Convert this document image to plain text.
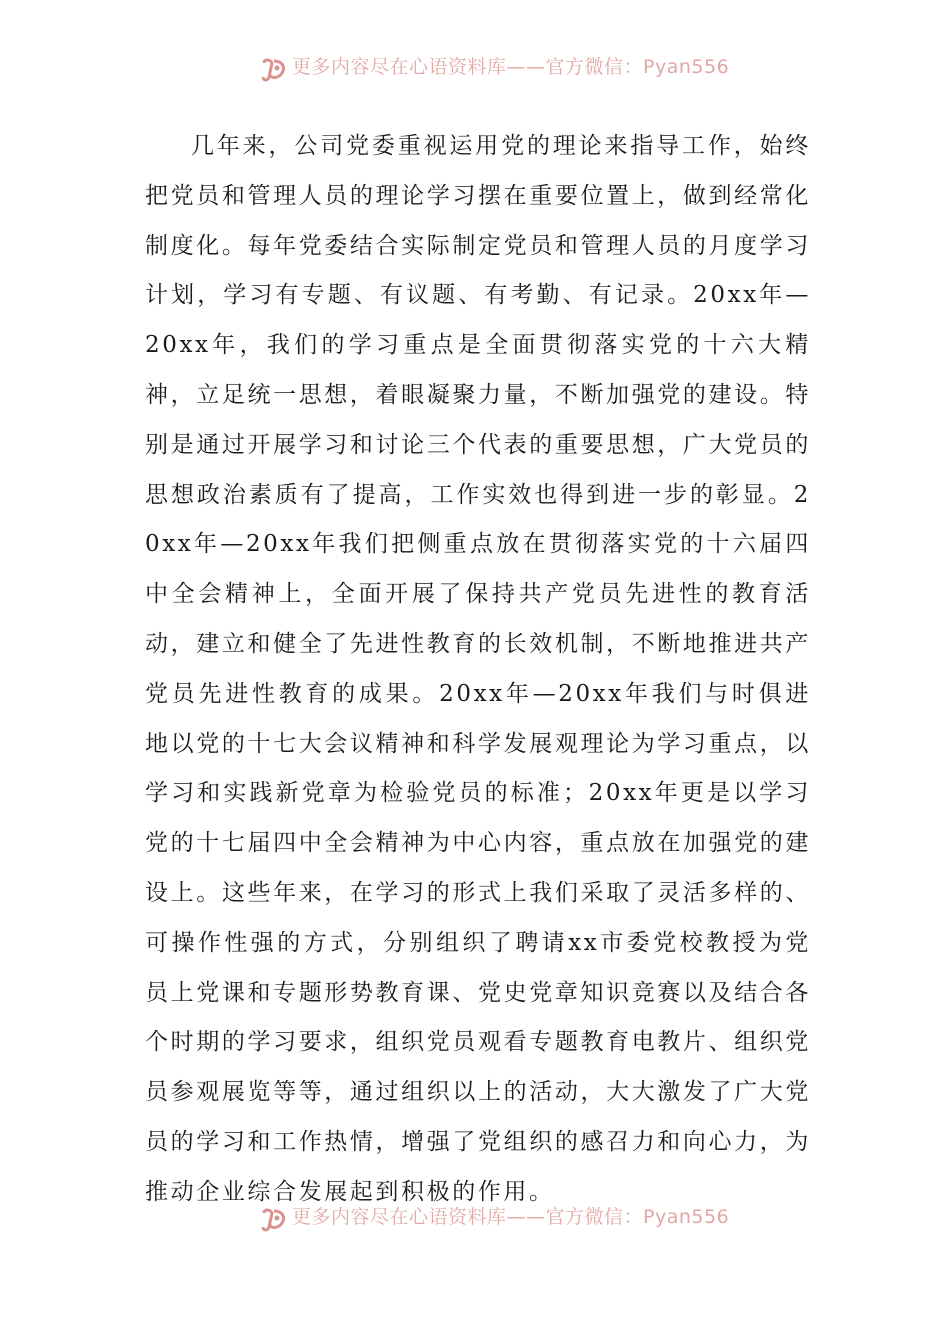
更多内容尽在心语资料库——官方微信：Pyan556

几年来，公司党委重视运用党的理论来指导工作，始终把党员和管理人员的理论学习摆在重要位置上，做到经常化制度化。每年党委结合实际制定党员和管理人员的月度学习计划，学习有专题、有议题、有考勤、有记录。20xx年—20xx年，我们的学习重点是全面贯彻落实党的十六大精神，立足统一思想，着眼凝聚力量，不断加强党的建设。特别是通过开展学习和讨论三个代表的重要思想，广大党员的思想政治素质有了提高，工作实效也得到进一步的彰显。20xx年—20xx年我们把侧重点放在贯彻落实党的十六届四中全会精神上，全面开展了保持共产党员先进性的教育活动，建立和健全了先进性教育的长效机制，不断地推进共产党员先进性教育的成果。20xx年—20xx年我们与时俱进地以党的十七大会议精神和科学发展观理论为学习重点，以学习和实践新党章为检验党员的标准；20xx年更是以学习党的十七届四中全会精神为中心内容，重点放在加强党的建设上。这些年来，在学习的形式上我们采取了灵活多样的、可操作性强的方式，分别组织了聘请xx市委党校教授为党员上党课和专题形势教育课、党史党章知识竞赛以及结合各个时期的学习要求，组织党员观看专题教育电教片、组织党员参观展览等等，通过组织以上的活动，大大激发了广大党员的学习和工作热情，增强了党组织的感召力和向心力，为推动企业综合发展起到积极的作用。

更多内容尽在心语资料库——官方微信：Pyan556
